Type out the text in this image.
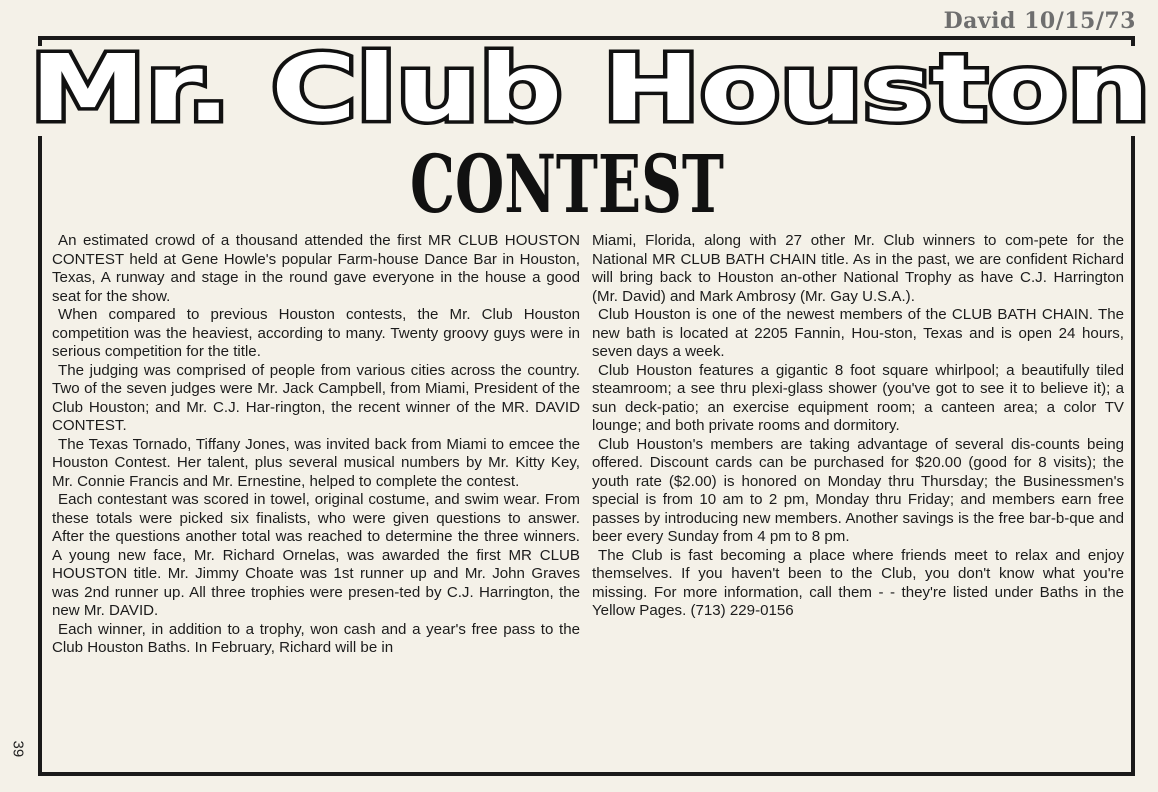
David 10/15/73
Mr. Club Houston
CONTEST

An estimated crowd of a thousand attended the first MR CLUB HOUSTON CONTEST held at Gene Howle's popular Farm-house Dance Bar in Houston, Texas, A runway and stage in the round gave everyone in the house a good seat for the show.

When compared to previous Houston contests, the Mr. Club Houston competition was the heaviest, according to many. Twenty groovy guys were in serious competition for the title.

The judging was comprised of people from various cities across the country. Two of the seven judges were Mr. Jack Campbell, from Miami, President of the Club Houston; and Mr. C.J. Har-rington, the recent winner of the MR. DAVID CONTEST.

The Texas Tornado, Tiffany Jones, was invited back from Miami to emcee the Houston Contest. Her talent, plus several musical numbers by Mr. Kitty Key, Mr. Connie Francis and Mr. Ernestine, helped to complete the contest.

Each contestant was scored in towel, original costume, and swim wear. From these totals were picked six finalists, who were given questions to answer. After the questions another total was reached to determine the three winners. A young new face, Mr. Richard Ornelas, was awarded the first MR CLUB HOUSTON title. Mr. Jimmy Choate was 1st runner up and Mr. John Graves was 2nd runner up. All three trophies were presen-ted by C.J. Harrington, the new Mr. DAVID.

Each winner, in addition to a trophy, won cash and a year's free pass to the Club Houston Baths. In February, Richard will be in

Miami, Florida, along with 27 other Mr. Club winners to com-pete for the National MR CLUB BATH CHAIN title. As in the past, we are confident Richard will bring back to Houston an-other National Trophy as have C.J. Harrington (Mr. David) and Mark Ambrosy (Mr. Gay U.S.A.).

Club Houston is one of the newest members of the CLUB BATH CHAIN. The new bath is located at 2205 Fannin, Hou-ston, Texas and is open 24 hours, seven days a week.

Club Houston features a gigantic 8 foot square whirlpool; a beautifully tiled steamroom; a see thru plexi-glass shower (you've got to see it to believe it); a sun deck-patio; an exercise equipment room; a canteen area; a color TV lounge; and both private rooms and dormitory.

Club Houston's members are taking advantage of several dis-counts being offered. Discount cards can be purchased for $20.00 (good for 8 visits); the youth rate ($2.00) is honored on Monday thru Thursday; the Businessmen's special is from 10 am to 2 pm, Monday thru Friday; and members earn free passes by introducing new members. Another savings is the free bar-b-que and beer every Sunday from 4 pm to 8 pm.

The Club is fast becoming a place where friends meet to relax and enjoy themselves. If you haven't been to the Club, you don't know what you're missing. For more information, call them - - they're listed under Baths in the Yellow Pages. (713) 229-0156

39
